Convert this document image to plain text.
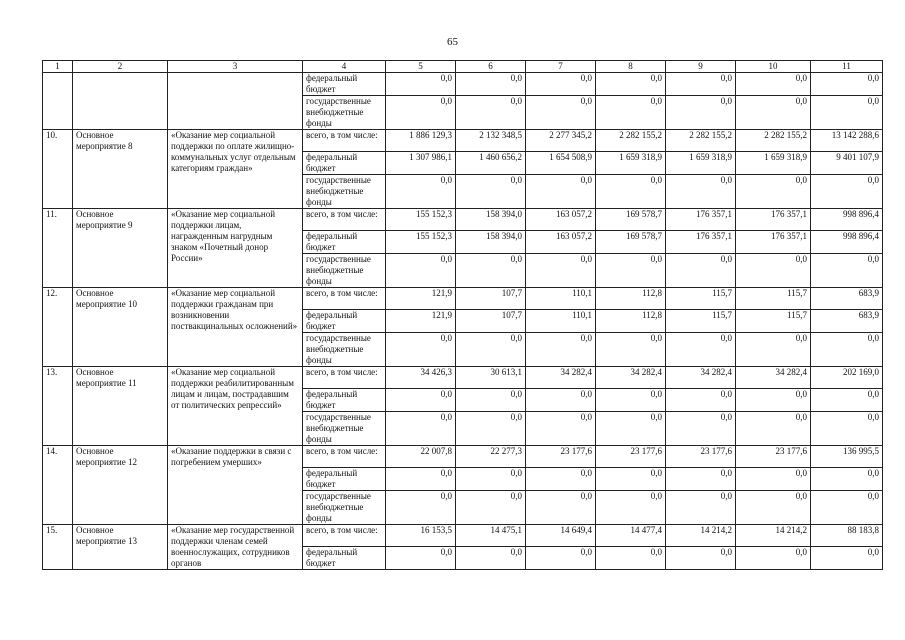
65
1	2	3	4	5	6	7	8	9	10	11
			федеральный бюджет	0,0	0,0	0,0	0,0	0,0	0,0	0,0
			государственные внебюджетные фонды	0,0	0,0	0,0	0,0	0,0	0,0	0,0
10.	Основное мероприятие 8	«Оказание мер социальной поддержки по оплате жилищно-коммунальных услуг отдельным категориям граждан»	всего, в том числе:	1 886 129,3	2 132 348,5	2 277 345,2	2 282 155,2	2 282 155,2	2 282 155,2	13 142 288,6
			федеральный бюджет	1 307 986,1	1 460 656,2	1 654 508,9	1 659 318,9	1 659 318,9	1 659 318,9	9 401 107,9
			государственные внебюджетные фонды	0,0	0,0	0,0	0,0	0,0	0,0	0,0
11.	Основное мероприятие 9	«Оказание мер социальной поддержки лицам, награжденным нагрудным знаком «Почетный донор России»	всего, в том числе:	155 152,3	158 394,0	163 057,2	169 578,7	176 357,1	176 357,1	998 896,4
			федеральный бюджет	155 152,3	158 394,0	163 057,2	169 578,7	176 357,1	176 357,1	998 896,4
			государственные внебюджетные фонды	0,0	0,0	0,0	0,0	0,0	0,0	0,0
12.	Основное мероприятие 10	«Оказание мер социальной поддержки гражданам при возникновении поствакцинальных осложнений»	всего, в том числе:	121,9	107,7	110,1	112,8	115,7	115,7	683,9
			федеральный бюджет	121,9	107,7	110,1	112,8	115,7	115,7	683,9
			государственные внебюджетные фонды	0,0	0,0	0,0	0,0	0,0	0,0	0,0
13.	Основное мероприятие 11	«Оказание мер социальной поддержки реабилитированным лицам и лицам, пострадавшим от политических репрессий»	всего, в том числе:	34 426,3	30 613,1	34 282,4	34 282,4	34 282,4	34 282,4	202 169,0
			федеральный бюджет	0,0	0,0	0,0	0,0	0,0	0,0	0,0
			государственные внебюджетные фонды	0,0	0,0	0,0	0,0	0,0	0,0	0,0
14.	Основное мероприятие 12	«Оказание поддержки в связи с погребением умерших»	всего, в том числе:	22 007,8	22 277,3	23 177,6	23 177,6	23 177,6	23 177,6	136 995,5
			федеральный бюджет	0,0	0,0	0,0	0,0	0,0	0,0	0,0
			государственные внебюджетные фонды	0,0	0,0	0,0	0,0	0,0	0,0	0,0
15.	Основное мероприятие 13	«Оказание мер государственной поддержки членам семей военнослужащих, сотрудников органов	всего, в том числе:	16 153,5	14 475,1	14 649,4	14 477,4	14 214,2	14 214,2	88 183,8
			федеральный бюджет	0,0	0,0	0,0	0,0	0,0	0,0	0,0
